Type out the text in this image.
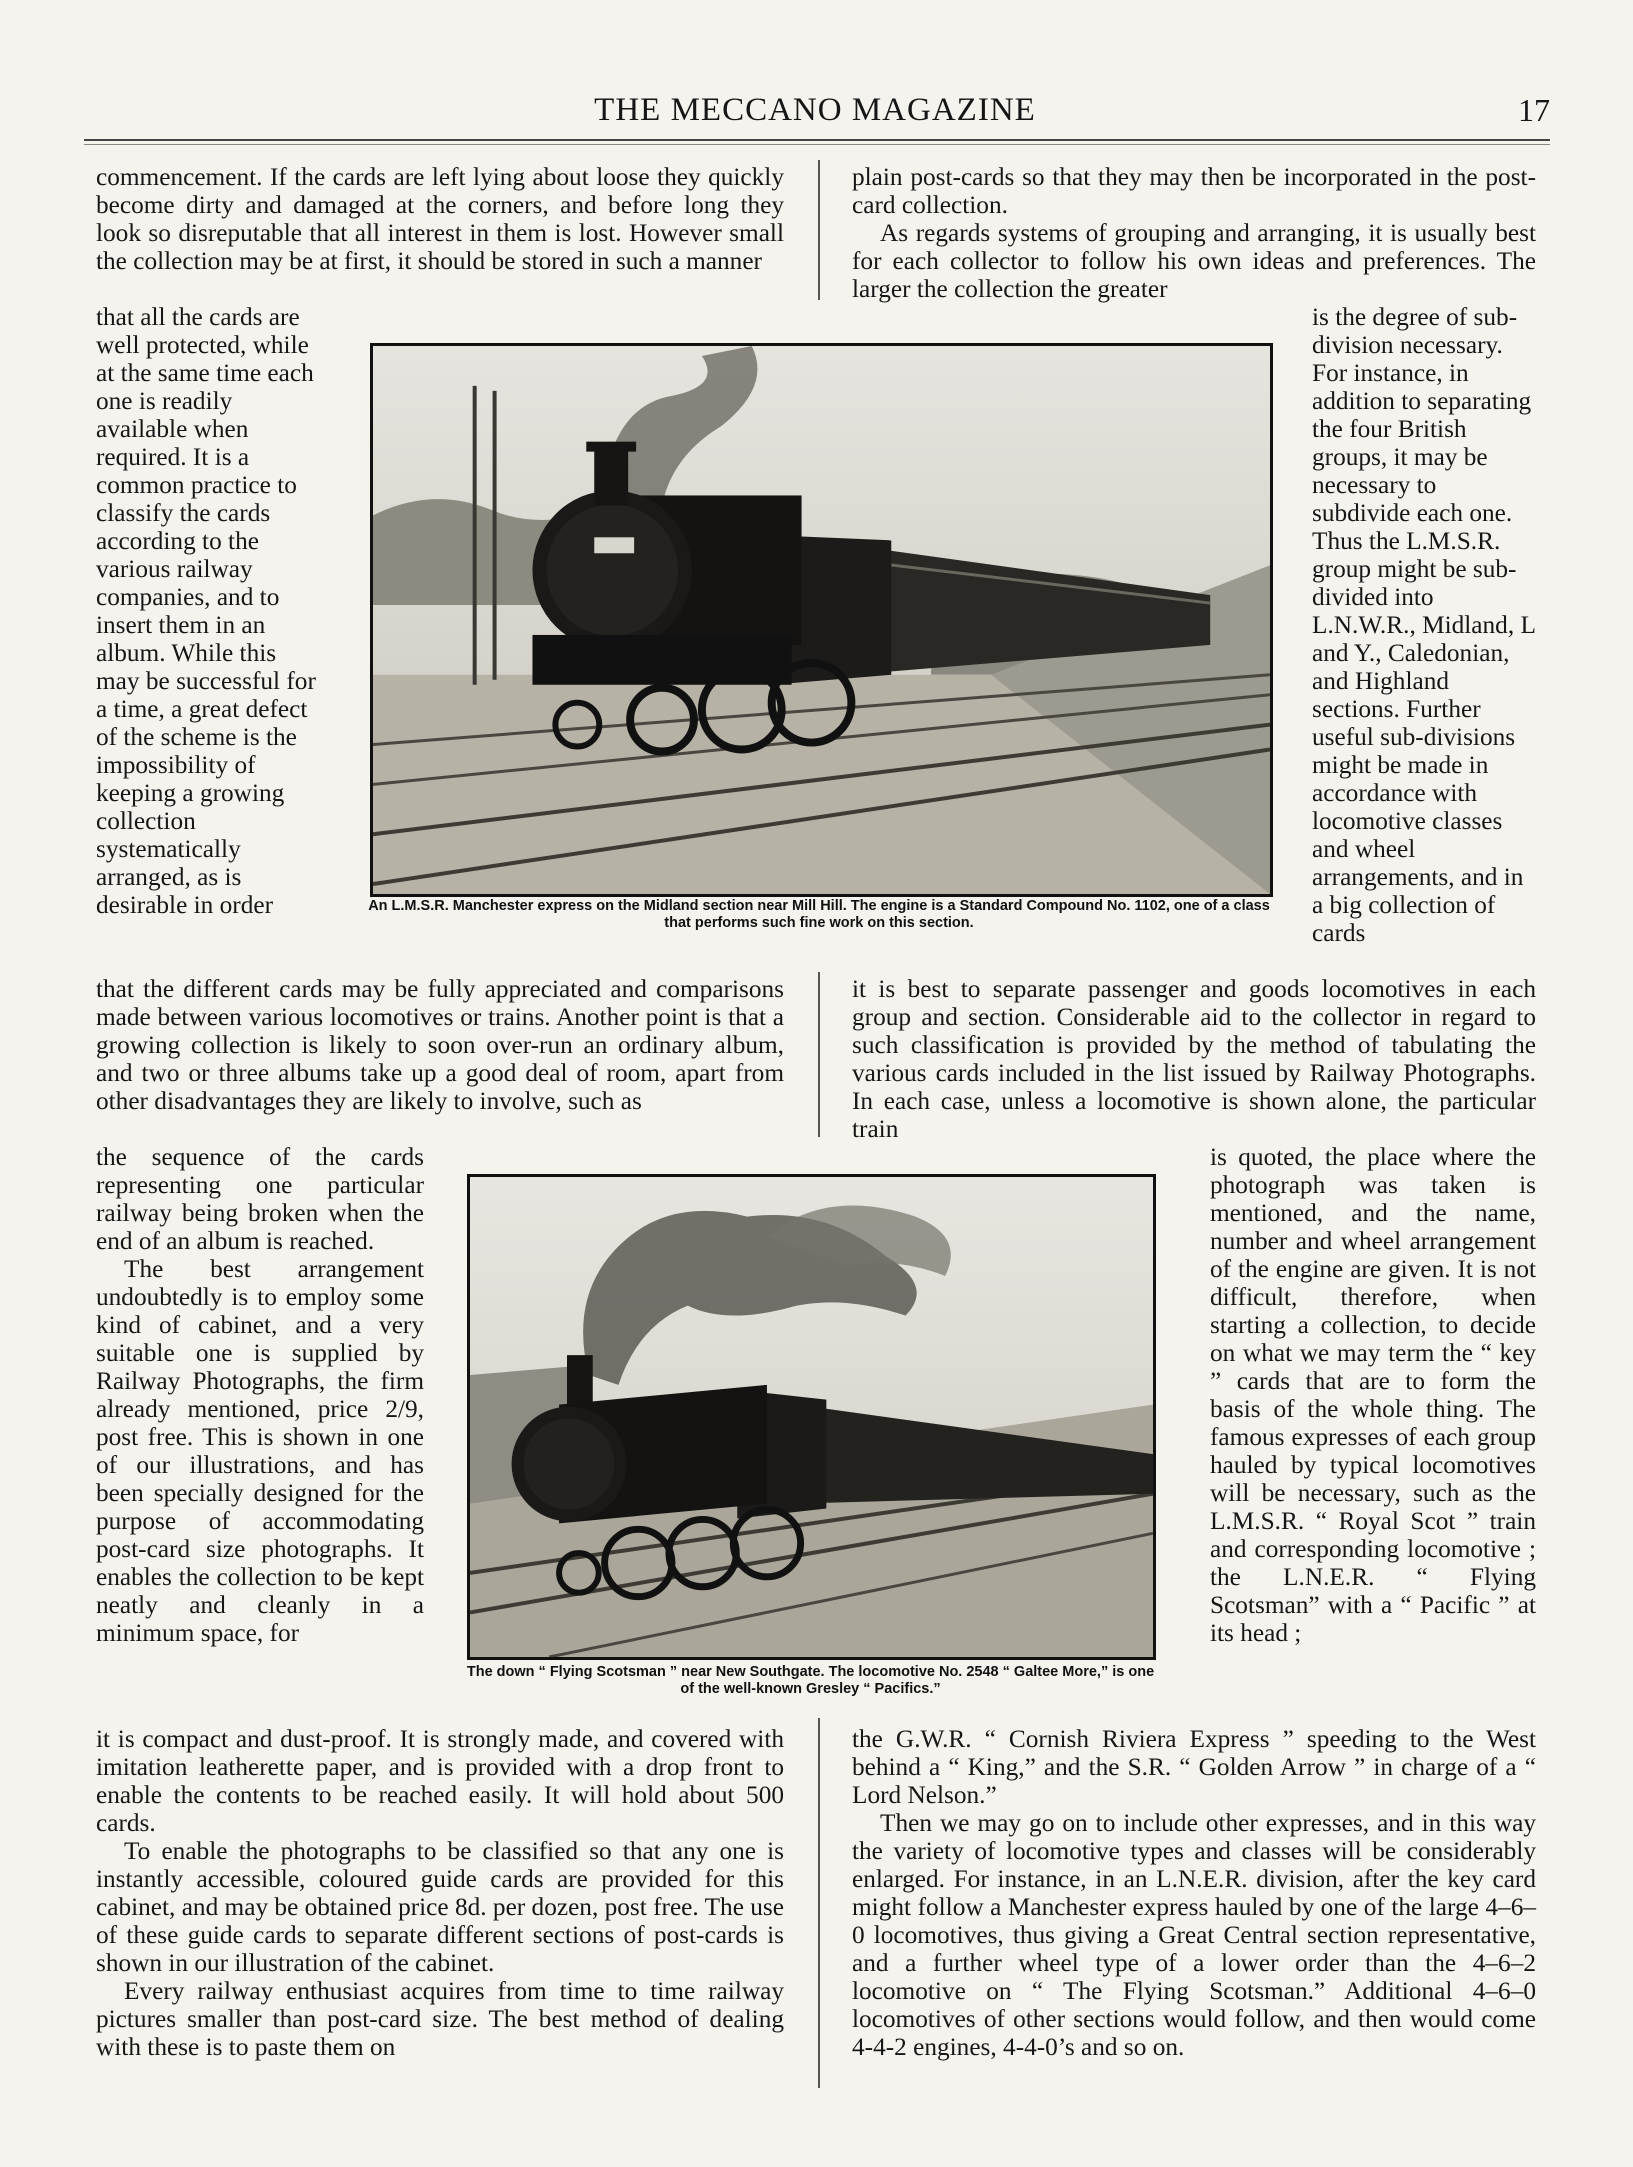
THE MECCANO MAGAZINE	17

commencement. If the cards are left lying about loose they quickly become dirty and damaged at the corners, and before long they look so disreputable that all interest in them is lost. However small the collection may be at first, it should be stored in such a manner

that all the cards are well protected, while at the same time each one is readily available when required. It is a common practice to classify the cards according to the various railway companies, and to insert them in an album. While this may be successful for a time, a great defect of the scheme is the impossibility of keeping a growing collection systematically arranged, as is desirable in order

that the different cards may be fully appreciated and comparisons made between various locomotives or trains. Another point is that a growing collection is likely to soon over-run an ordinary album, and two or three albums take up a good deal of room, apart from other disadvantages they are likely to involve, such as

the sequence of the cards representing one particular railway being broken when the end of an album is reached.

The best arrangement undoubtedly is to employ some kind of cabinet, and a very suitable one is supplied by Railway Photographs, the firm already mentioned, price 2/9, post free. This is shown in one of our illustrations, and has been specially designed for the purpose of accommodating post-card size photographs. It enables the collection to be kept neatly and cleanly in a minimum space, for

it is compact and dust-proof. It is strongly made, and covered with imitation leatherette paper, and is provided with a drop front to enable the contents to be reached easily. It will hold about 500 cards.

To enable the photographs to be classified so that any one is instantly accessible, coloured guide cards are provided for this cabinet, and may be obtained price 8d. per dozen, post free. The use of these guide cards to separate different sections of post-cards is shown in our illustration of the cabinet.

Every railway enthusiast acquires from time to time railway pictures smaller than post-card size. The best method of dealing with these is to paste them on

plain post-cards so that they may then be incorporated in the post-card collection.

As regards systems of grouping and arranging, it is usually best for each collector to follow his own ideas and preferences. The larger the collection the greater

is the degree of sub-division necessary. For instance, in addition to separating the four British groups, it may be necessary to subdivide each one. Thus the L.M.S.R. group might be sub-divided into L.N.W.R., Midland, L and Y., Caledonian, and Highland sections. Further useful sub-divisions might be made in accordance with locomotive classes and wheel arrangements, and in a big collection of cards

it is best to separate passenger and goods locomotives in each group and section. Considerable aid to the collector in regard to such classification is provided by the method of tabulating the various cards included in the list issued by Railway Photographs. In each case, unless a locomotive is shown alone, the particular train

is quoted, the place where the photograph was taken is mentioned, and the name, number and wheel arrangement of the engine are given. It is not difficult, therefore, when starting a collection, to decide on what we may term the “ key ” cards that are to form the basis of the whole thing. The famous expresses of each group hauled by typical locomotives will be necessary, such as the L.M.S.R. “ Royal Scot ” train and corresponding locomotive ; the L.N.E.R. “ Flying Scotsman” with a “ Pacific ” at its head ;

the G.W.R. “ Cornish Riviera Express ” speeding to the West behind a “ King,” and the S.R. “ Golden Arrow ” in charge of a “ Lord Nelson.”

Then we may go on to include other expresses, and in this way the variety of locomotive types and classes will be considerably enlarged. For instance, in an L.N.E.R. division, after the key card might follow a Manchester express hauled by one of the large 4–6–0 locomotives, thus giving a Great Central section representative, and a further wheel type of a lower order than the 4–6–2 locomotive on “ The Flying Scotsman.” Additional 4–6–0 locomotives of other sections would follow, and then would come 4-4-2 engines, 4-4-0’s and so on.

An L.M.S.R. Manchester express on the Midland section near Mill Hill. The engine is a Standard Compound No. 1102, one of a class that performs such fine work on this section.
The down “ Flying Scotsman ” near New Southgate. The locomotive No. 2548 “ Galtee More,” is one of the well-known Gresley “ Pacifics.”
